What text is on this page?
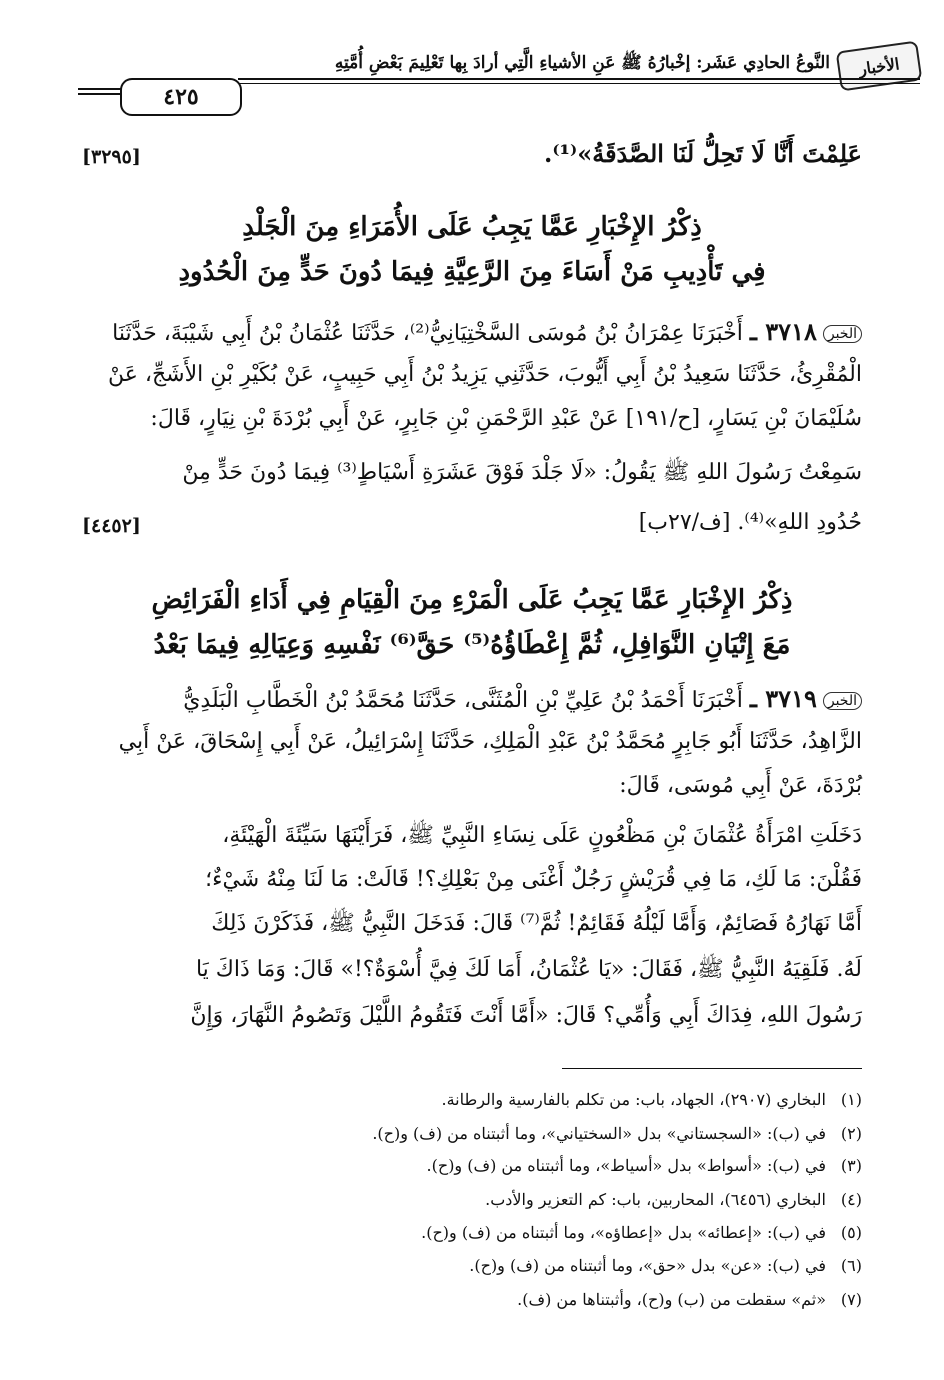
الأخبار
النَّوعُ الحادِي عَشَر: إخْبارُهُ ﷺ عَنِ الأشياءِ الَّتِي أرادَ بِها تَعْلِيمَ بَعْضِ أُمَّتِهِ
٤٢٥
عَلِمْتَ أَنَّا لَا تَحِلُّ لَنَا الصَّدَقَةُ»⁽¹⁾.
[٣٢٩٥]
ذِكْرُ الإِخْبَارِ عَمَّا يَجِبُ عَلَى الأُمَرَاءِ مِنَ الْجَلْدِ
فِي تَأْدِيبِ مَنْ أَسَاءَ مِنَ الرَّعِيَّةِ فِيمَا دُونَ حَدٍّ مِنَ الْحُدُودِ
الخبر٣٧١٨ ـ أَخْبَرَنَا عِمْرَانُ بْنُ مُوسَى السَّخْتِيَانِيُّ⁽²⁾، حَدَّثَنَا عُثْمَانُ بْنُ أَبِي شَيْبَةَ، حَدَّثَنَا
الْمُقْرِئُ، حَدَّثَنَا سَعِيدُ بْنُ أَبِي أَيُّوبَ، حَدَّثَنِي يَزِيدُ بْنُ أَبِي حَبِيبٍ، عَنْ بُكَيْرِ بْنِ الأَشَجِّ، عَنْ
سُلَيْمَانَ بْنِ يَسَارٍ، [ح/١٩١] عَنْ عَبْدِ الرَّحْمَنِ بْنِ جَابِرٍ، عَنْ أَبِي بُرْدَةَ بْنِ نِيَارٍ، قَالَ:
سَمِعْتُ رَسُولَ اللهِ ﷺ يَقُولُ: «لَا جَلْدَ فَوْقَ عَشَرَةِ أَسْيَاطٍ⁽³⁾ فِيمَا دُونَ حَدٍّ مِنْ
حُدُودِ اللهِ»⁽⁴⁾. [ف/٢٧ب]
[٤٤٥٢]
ذِكْرُ الإِخْبَارِ عَمَّا يَجِبُ عَلَى الْمَرْءِ مِنَ الْقِيَامِ فِي أَدَاءِ الْفَرَائِضِ
مَعَ إِتْيَانِ النَّوَافِلِ، ثُمَّ إِعْطَاؤُهُ⁽⁵⁾ حَقَّ⁽⁶⁾ نَفْسِهِ وَعِيَالِهِ فِيمَا بَعْدُ
الخبر٣٧١٩ ـ أَخْبَرَنَا أَحْمَدُ بْنُ عَلِيِّ بْنِ الْمُثَنَّى، حَدَّثَنَا مُحَمَّدُ بْنُ الْخَطَّابِ الْبَلَدِيُّ
الزَّاهِدُ، حَدَّثَنَا أَبُو جَابِرٍ مُحَمَّدُ بْنُ عَبْدِ الْمَلِكِ، حَدَّثَنَا إِسْرَائِيلُ، عَنْ أَبِي إِسْحَاقَ، عَنْ أَبِي
بُرْدَةَ، عَنْ أَبِي مُوسَى، قَالَ:
دَخَلَتِ امْرَأَةُ عُثْمَانَ بْنِ مَظْعُونٍ عَلَى نِسَاءِ النَّبِيِّ ﷺ، فَرَأَيْنَهَا سَيِّئَةَ الْهَيْئَةِ،
فَقُلْنَ: مَا لَكِ، مَا فِي قُرَيْشٍ رَجُلٌ أَغْنَى مِنْ بَعْلِكِ؟! قَالَتْ: مَا لَنَا مِنْهُ شَيْءٌ؛
أَمَّا نَهَارُهُ فَصَائِمٌ، وَأَمَّا لَيْلُهُ فَقَائِمٌ! ثُمَّ⁽⁷⁾ قَالَ: فَدَخَلَ النَّبِيُّ ﷺ، فَذَكَرْنَ ذَلِكَ
لَهُ. فَلَقِيَهُ النَّبِيُّ ﷺ، فَقَالَ: «يَا عُثْمَانُ، أَمَا لَكَ فِيَّ أُسْوَةٌ؟!» قَالَ: وَمَا ذَاكَ يَا
رَسُولَ اللهِ، فِدَاكَ أَبِي وَأُمِّي؟ قَالَ: «أَمَّا أَنْتَ فَتَقُومُ اللَّيْلَ وَتَصُومُ النَّهَارَ، وَإِنَّ
(١)البخاري (٢٩٠٧)، الجهاد، باب: من تكلم بالفارسية والرطانة.
(٢)في (ب): «السجستاني» بدل «السختياني»، وما أثبتناه من (ف) و(ح).
(٣)في (ب): «أسواط» بدل «أسياط»، وما أثبتناه من (ف) و(ح).
(٤)البخاري (٦٤٥٦)، المحاربين، باب: كم التعزير والأدب.
(٥)في (ب): «إعطائه» بدل «إعطاؤه»، وما أثبتناه من (ف) و(ح).
(٦)في (ب): «عن» بدل «حق»، وما أثبتناه من (ف) و(ح).
(٧)«ثم» سقطت من (ب) و(ح)، وأثبتناها من (ف).
